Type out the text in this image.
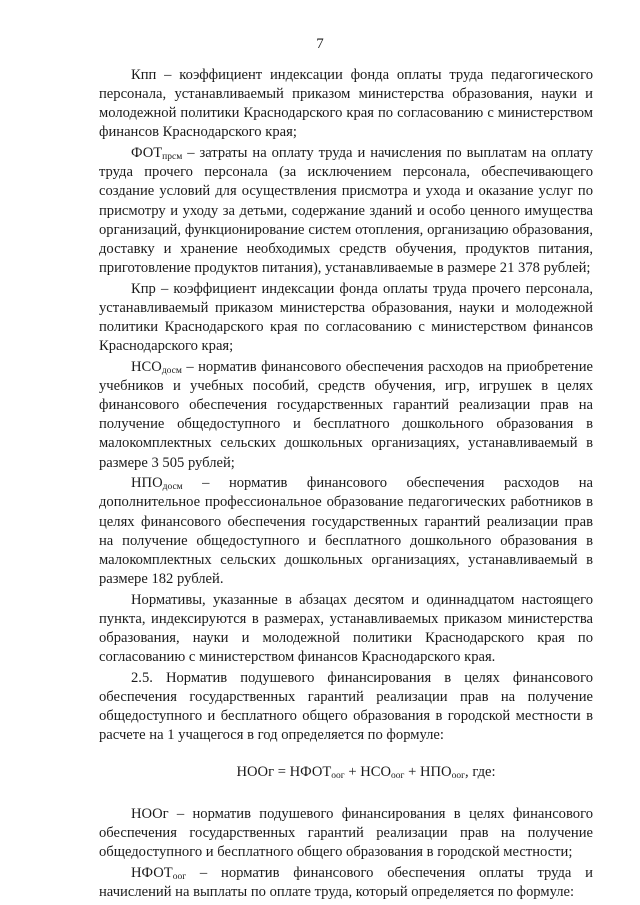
7

Кпп – коэффициент индексации фонда оплаты труда педагогического персонала, устанавливаемый приказом министерства образования, науки и молодежной политики Краснодарского края по согласованию с министерством финансов Краснодарского края;

$ФОТ_{прсм}$ – затраты на оплату труда и начисления по выплатам на оплату труда прочего персонала (за исключением персонала, обеспечивающего создание условий для осуществления присмотра и ухода и оказание услуг по присмотру и уходу за детьми, содержание зданий и особо ценного имущества организаций, функционирование систем отопления, организацию образования, доставку и хранение необходимых средств обучения, продуктов питания, приготовление продуктов питания), устанавливаемые в размере 21 378 рублей;

Кпр – коэффициент индексации фонда оплаты труда прочего персонала, устанавливаемый приказом министерства образования, науки и молодежной политики Краснодарского края по согласованию с министерством финансов Краснодарского края;

$НСО_{досм}$ – норматив финансового обеспечения расходов на приобретение учебников и учебных пособий, средств обучения, игр, игрушек в целях финансового обеспечения государственных гарантий реализации прав на получение общедоступного и бесплатного дошкольного образования в малокомплектных сельских дошкольных организациях, устанавливаемый в размере 3 505 рублей;

$НПО_{досм}$ – норматив финансового обеспечения расходов на дополнительное профессиональное образование педагогических работников в целях финансового обеспечения государственных гарантий реализации прав на получение общедоступного и бесплатного дошкольного образования в малокомплектных сельских дошкольных организациях, устанавливаемый в размере 182 рублей.

Нормативы, указанные в абзацах десятом и одиннадцатом настоящего пункта, индексируются в размерах, устанавливаемых приказом министерства образования, науки и молодежной политики Краснодарского края по согласованию с министерством финансов Краснодарского края.

2.5. Норматив подушевого финансирования в целях финансового обеспечения государственных гарантий реализации прав на получение общедоступного и бесплатного общего образования в городской местности в расчете на 1 учащегося в год определяется по формуле:

НООг = $НФОТ_{оог} + НСО_{оог} + НПО_{оог}$, где:

НООг – норматив подушевого финансирования в целях финансового обеспечения государственных гарантий реализации прав на получение общедоступного и бесплатного общего образования в городской местности;

$НФОТ_{оог}$ – норматив финансового обеспечения оплаты труда и начислений на выплаты по оплате труда, который определяется по формуле:
